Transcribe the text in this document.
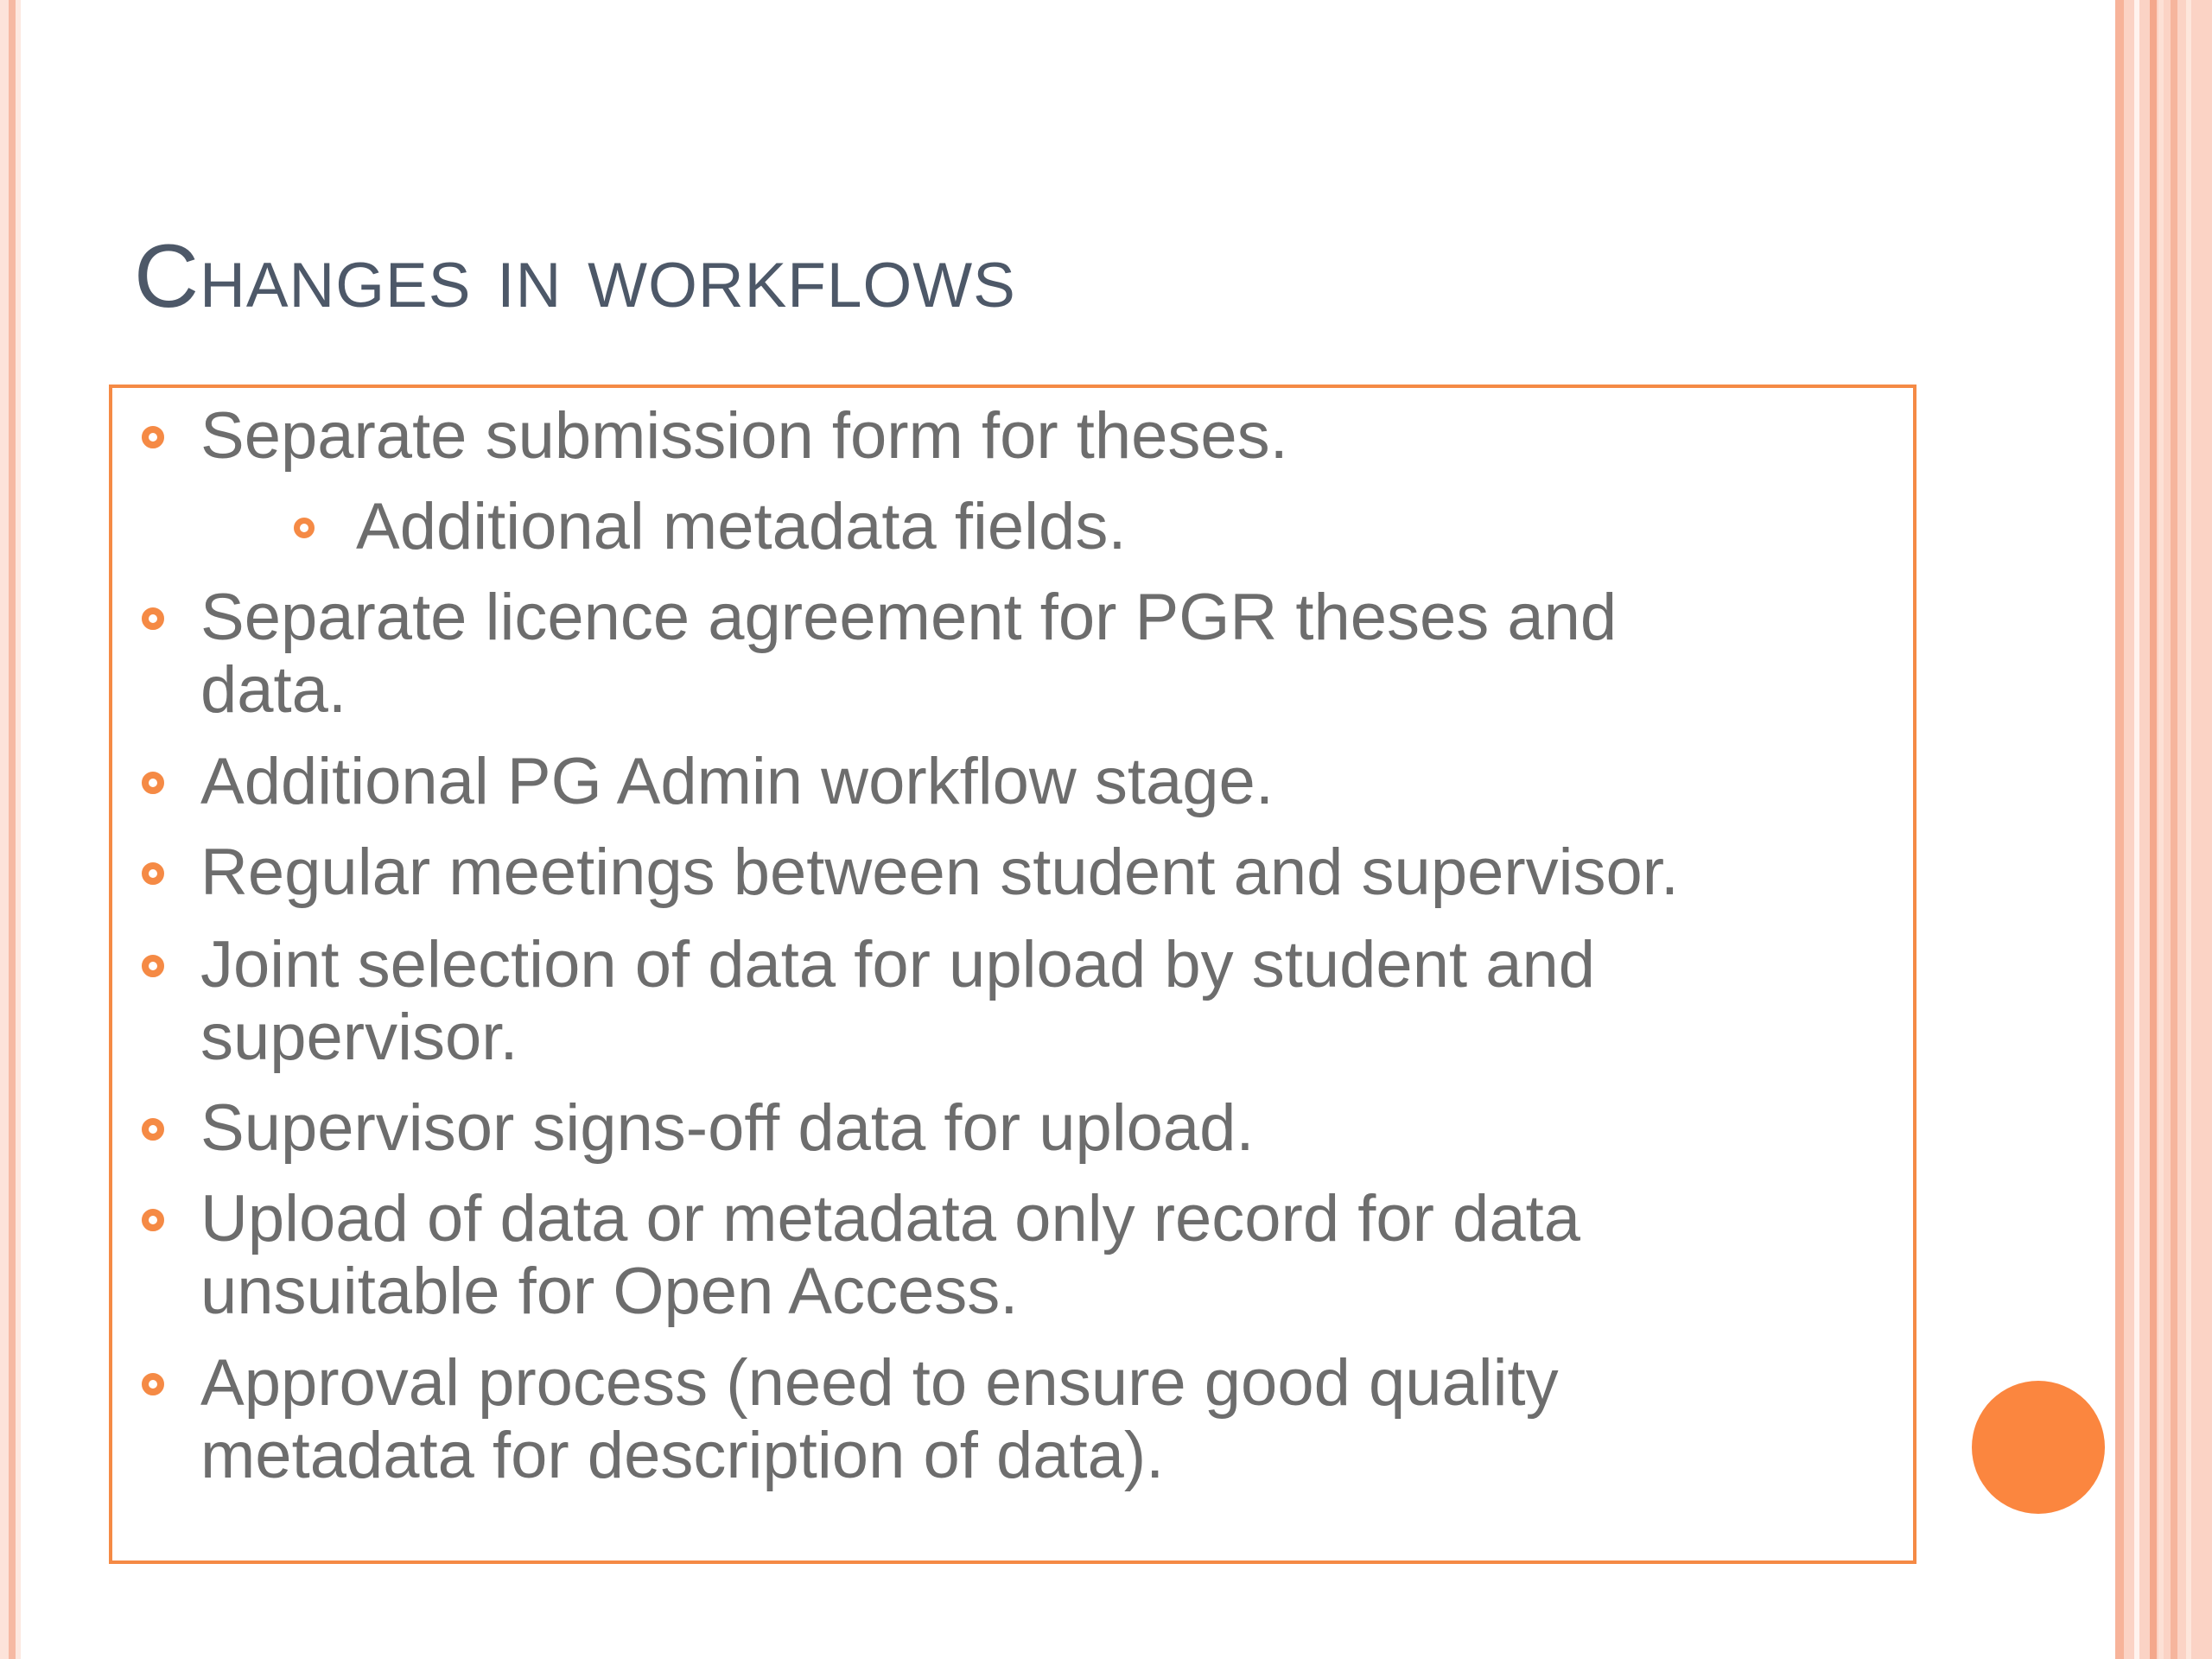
Changes in workflows
Separate submission form for theses.
Additional metadata fields.
Separate licence agreement for PGR theses and
data.
Additional PG Admin workflow stage.
Regular meetings between student and supervisor.
Joint selection of data for upload by student and
supervisor.
Supervisor signs-off data for upload.
Upload of data or metadata only record for data
unsuitable for Open Access.
Approval process (need to ensure good quality
metadata for description of data).
